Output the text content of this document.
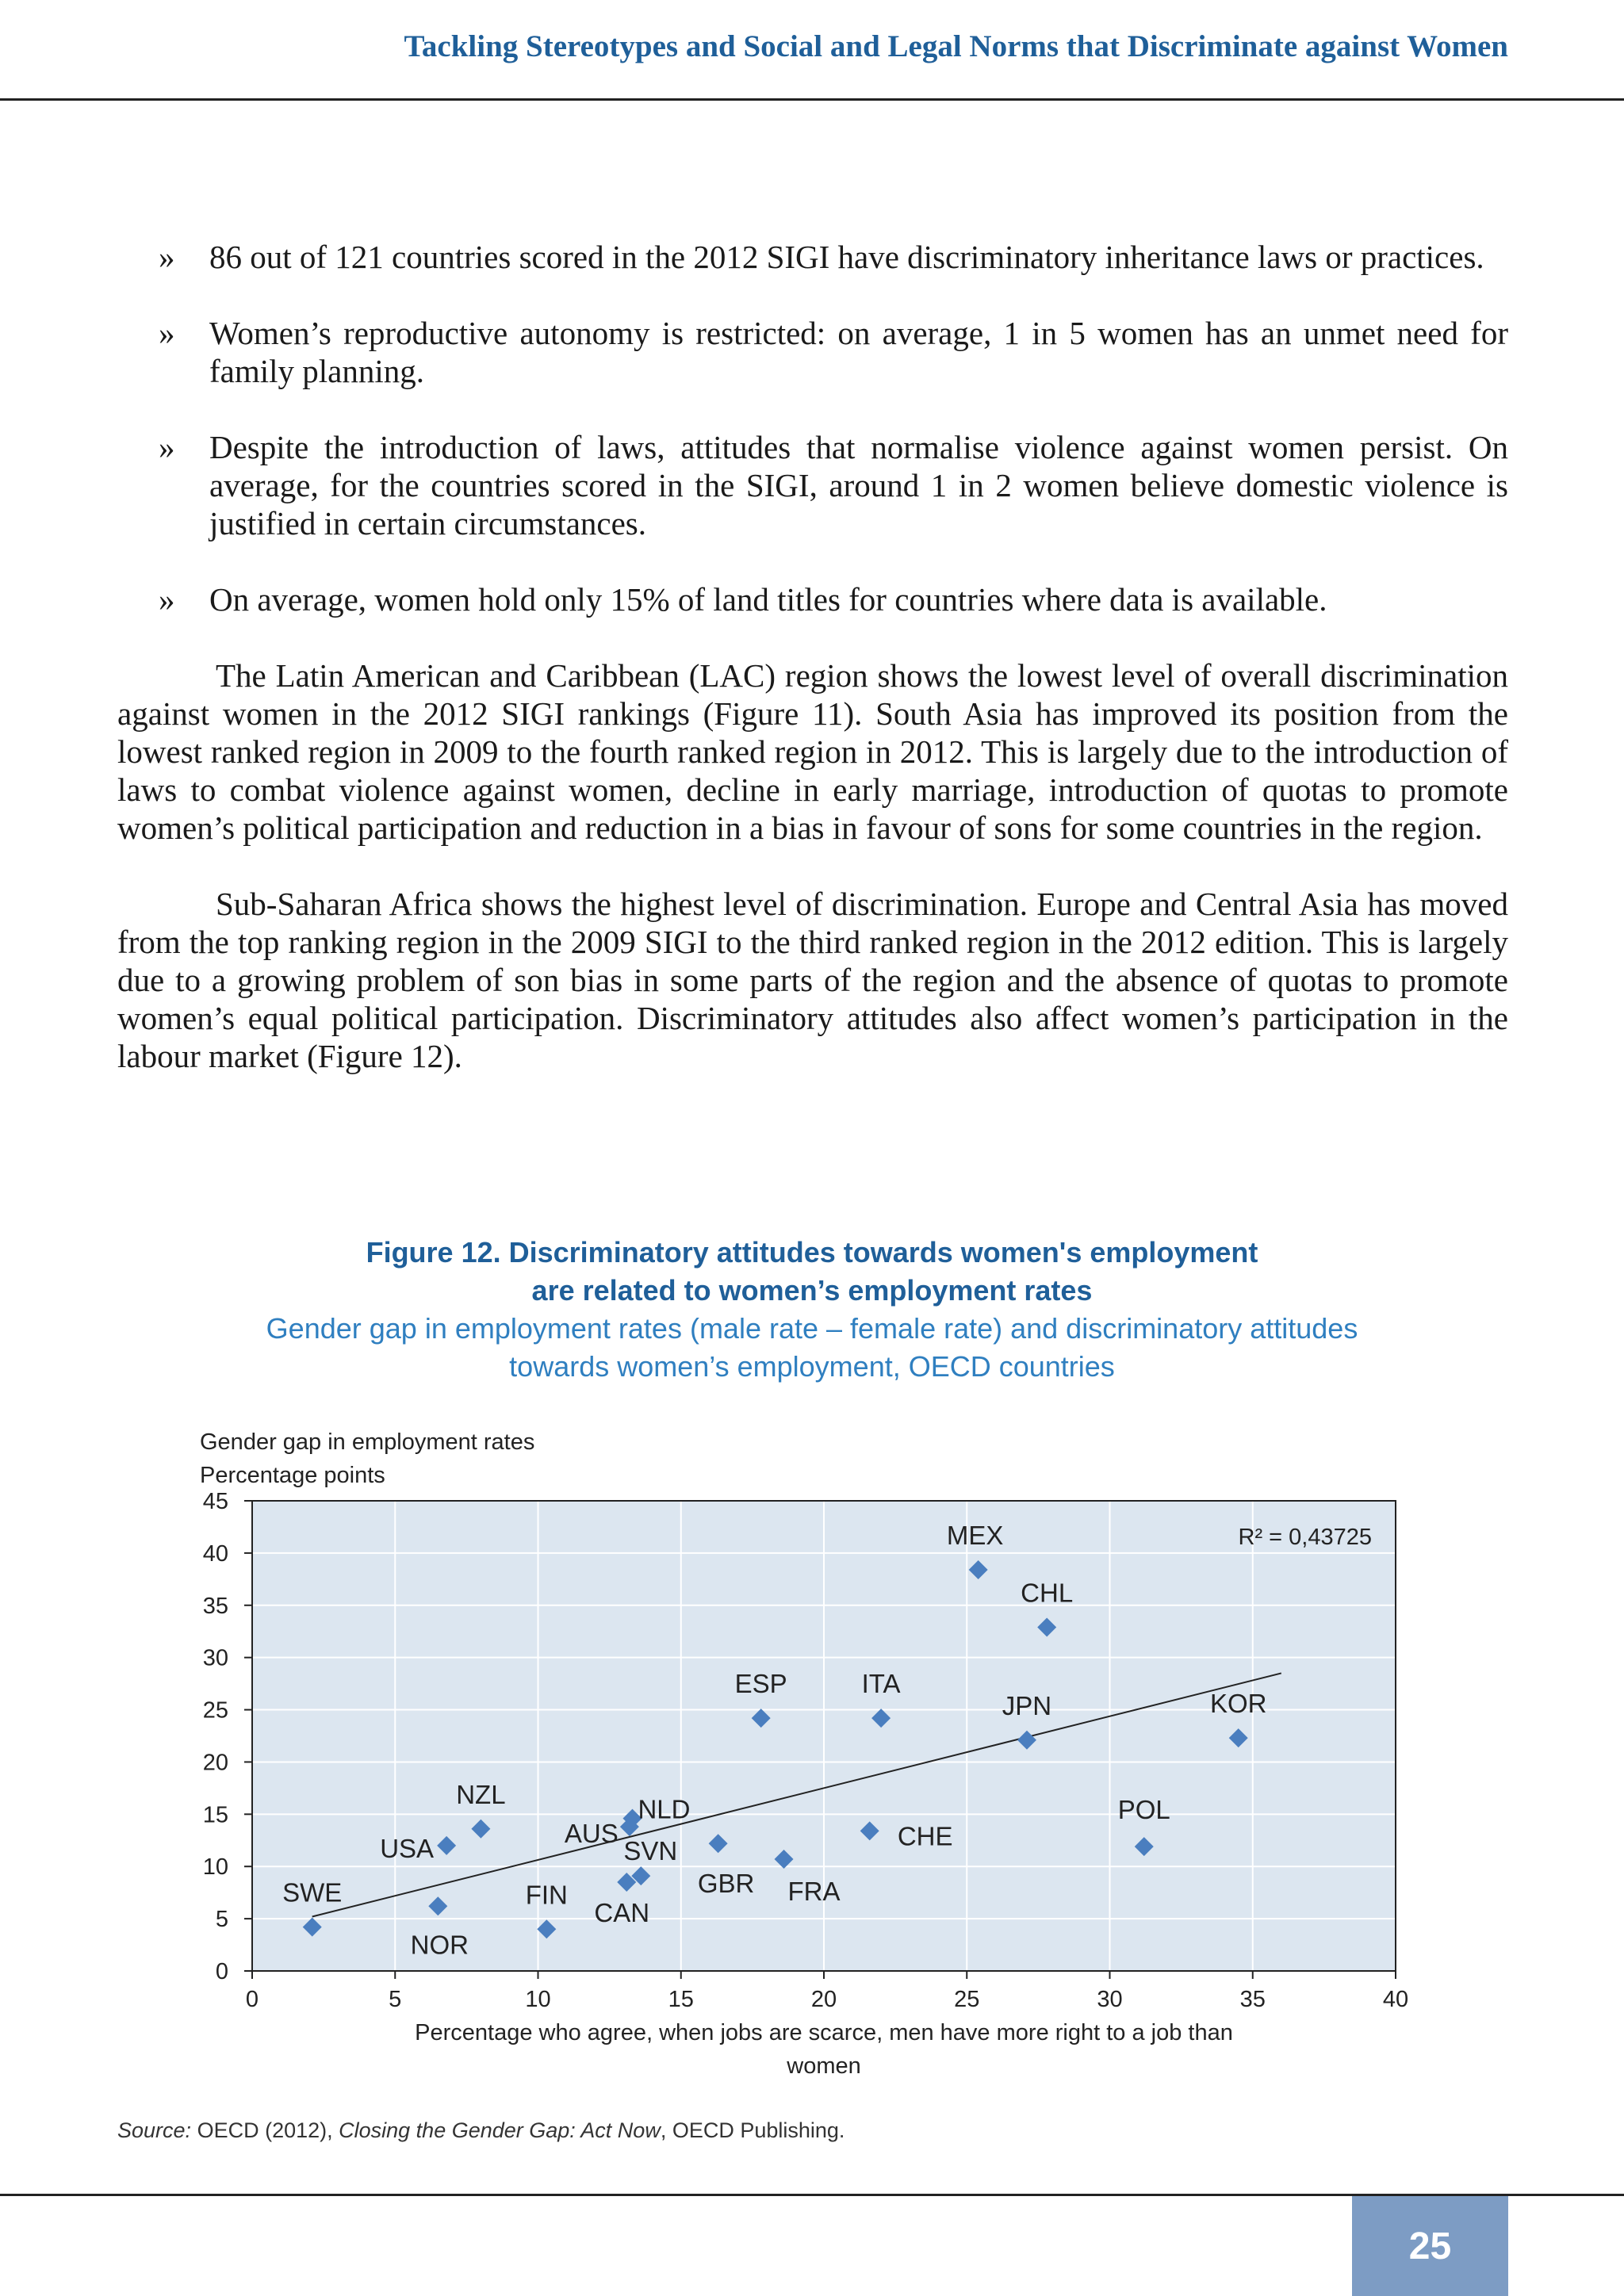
Tackling Stereotypes and Social and Legal Norms that Discriminate against Women
» 86 out of 121 countries scored in the 2012 SIGI have discriminatory inheritance laws or practices.
» Women’s reproductive autonomy is restricted: on average, 1 in 5 women has an unmet need for family planning.
» Despite the introduction of laws, attitudes that normalise violence against women persist. On average, for the countries scored in the SIGI, around 1 in 2 women believe domestic violence is justified in certain circumstances.
» On average, women hold only 15% of land titles for countries where data is available.

The Latin American and Caribbean (LAC) region shows the lowest level of overall discrimination against women in the 2012 SIGI rankings (Figure 11). South Asia has improved its position from the lowest ranked region in 2009 to the fourth ranked region in 2012. This is largely due to the introduction of laws to combat violence against women, decline in early marriage, introduction of quotas to promote women’s political participation and reduction in a bias in favour of sons for some countries in the region.

Sub-Saharan Africa shows the highest level of discrimination. Europe and Central Asia has moved from the top ranking region in the 2009 SIGI to the third ranked region in the 2012 edition. This is largely due to a growing problem of son bias in some parts of the region and the absence of quotas to promote women’s equal political participation. Discriminatory attitudes also affect women’s participation in the labour market (Figure 12).

Figure 12. Discriminatory attitudes towards women's employment
are related to women’s employment rates
Gender gap in employment rates (male rate – female rate) and discriminatory attitudes
towards women’s employment, OECD countries
Gender gap in employment rates
Percentage points
0	5	10	15	20	25	30	35	40
0
5
10
15
20
25
30
35
40
45
SWE
NOR
USA
NZL
FIN
CAN
SVN
AUS
NLD
GBR FRA
ESP	ITA
CHE
MEX
CHL
JPN	KOR
POL
R² = 0,43725
Percentage who agree, when jobs are scarce, men have more right to a job than
women
Source: OECD (2012), Closing the Gender Gap: Act Now, OECD Publishing.
25
